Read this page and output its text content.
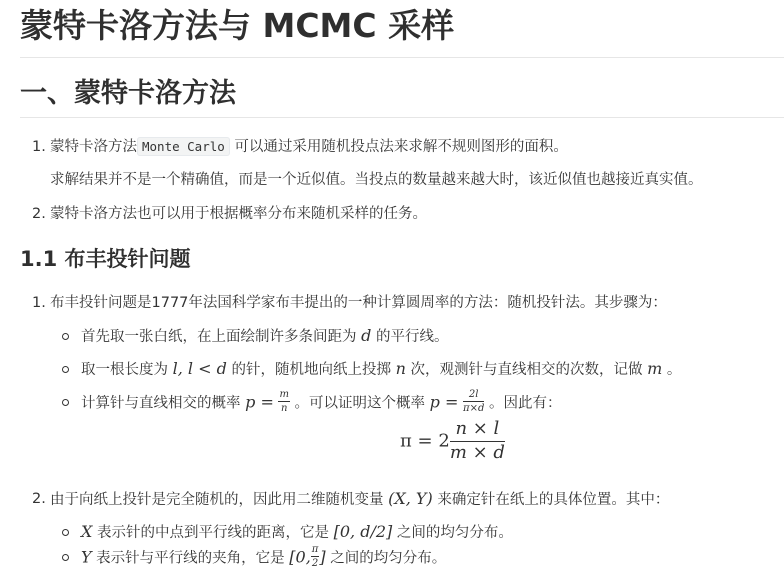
蒙特卡洛方法与 MCMC 采样
一、蒙特卡洛方法
1. 蒙特卡洛方法 Monte Carlo 可以通过采用随机投点法来求解不规则图形的面积。
求解结果并不是一个精确值，而是一个近似值。当投点的数量越来越大时，该近似值也越接近真实值。
2. 蒙特卡洛方法也可以用于根据概率分布来随机采样的任务。
1.1 布丰投针问题
1. 布丰投针问题是1777年法国科学家布丰提出的一种计算圆周率的方法：随机投针法。其步骤为：
首先取一张白纸，在上面绘制许多条间距为 d 的平行线。
取一根长度为 l, l < d 的针，随机地向纸上投掷 n 次，观测针与直线相交的次数，记做 m 。
计算针与直线相交的概率 $p = \frac{m}{n}$ 。可以证明这个概率 $p = \frac{2l}{\pi\times d}$ 。因此有：
$\pi = 2 \frac{n \times l}{m \times d}$
2. 由于向纸上投针是完全随机的，因此用二维随机变量 (X, Y) 来确定针在纸上的具体位置。其中：
X 表示针的中点到平行线的距离，它是 [0, d/2] 之间的均匀分布。
Y 表示针与平行线的夹角，它是 [0, $\frac{\pi}{2}$ ] 之间的均匀分布。
